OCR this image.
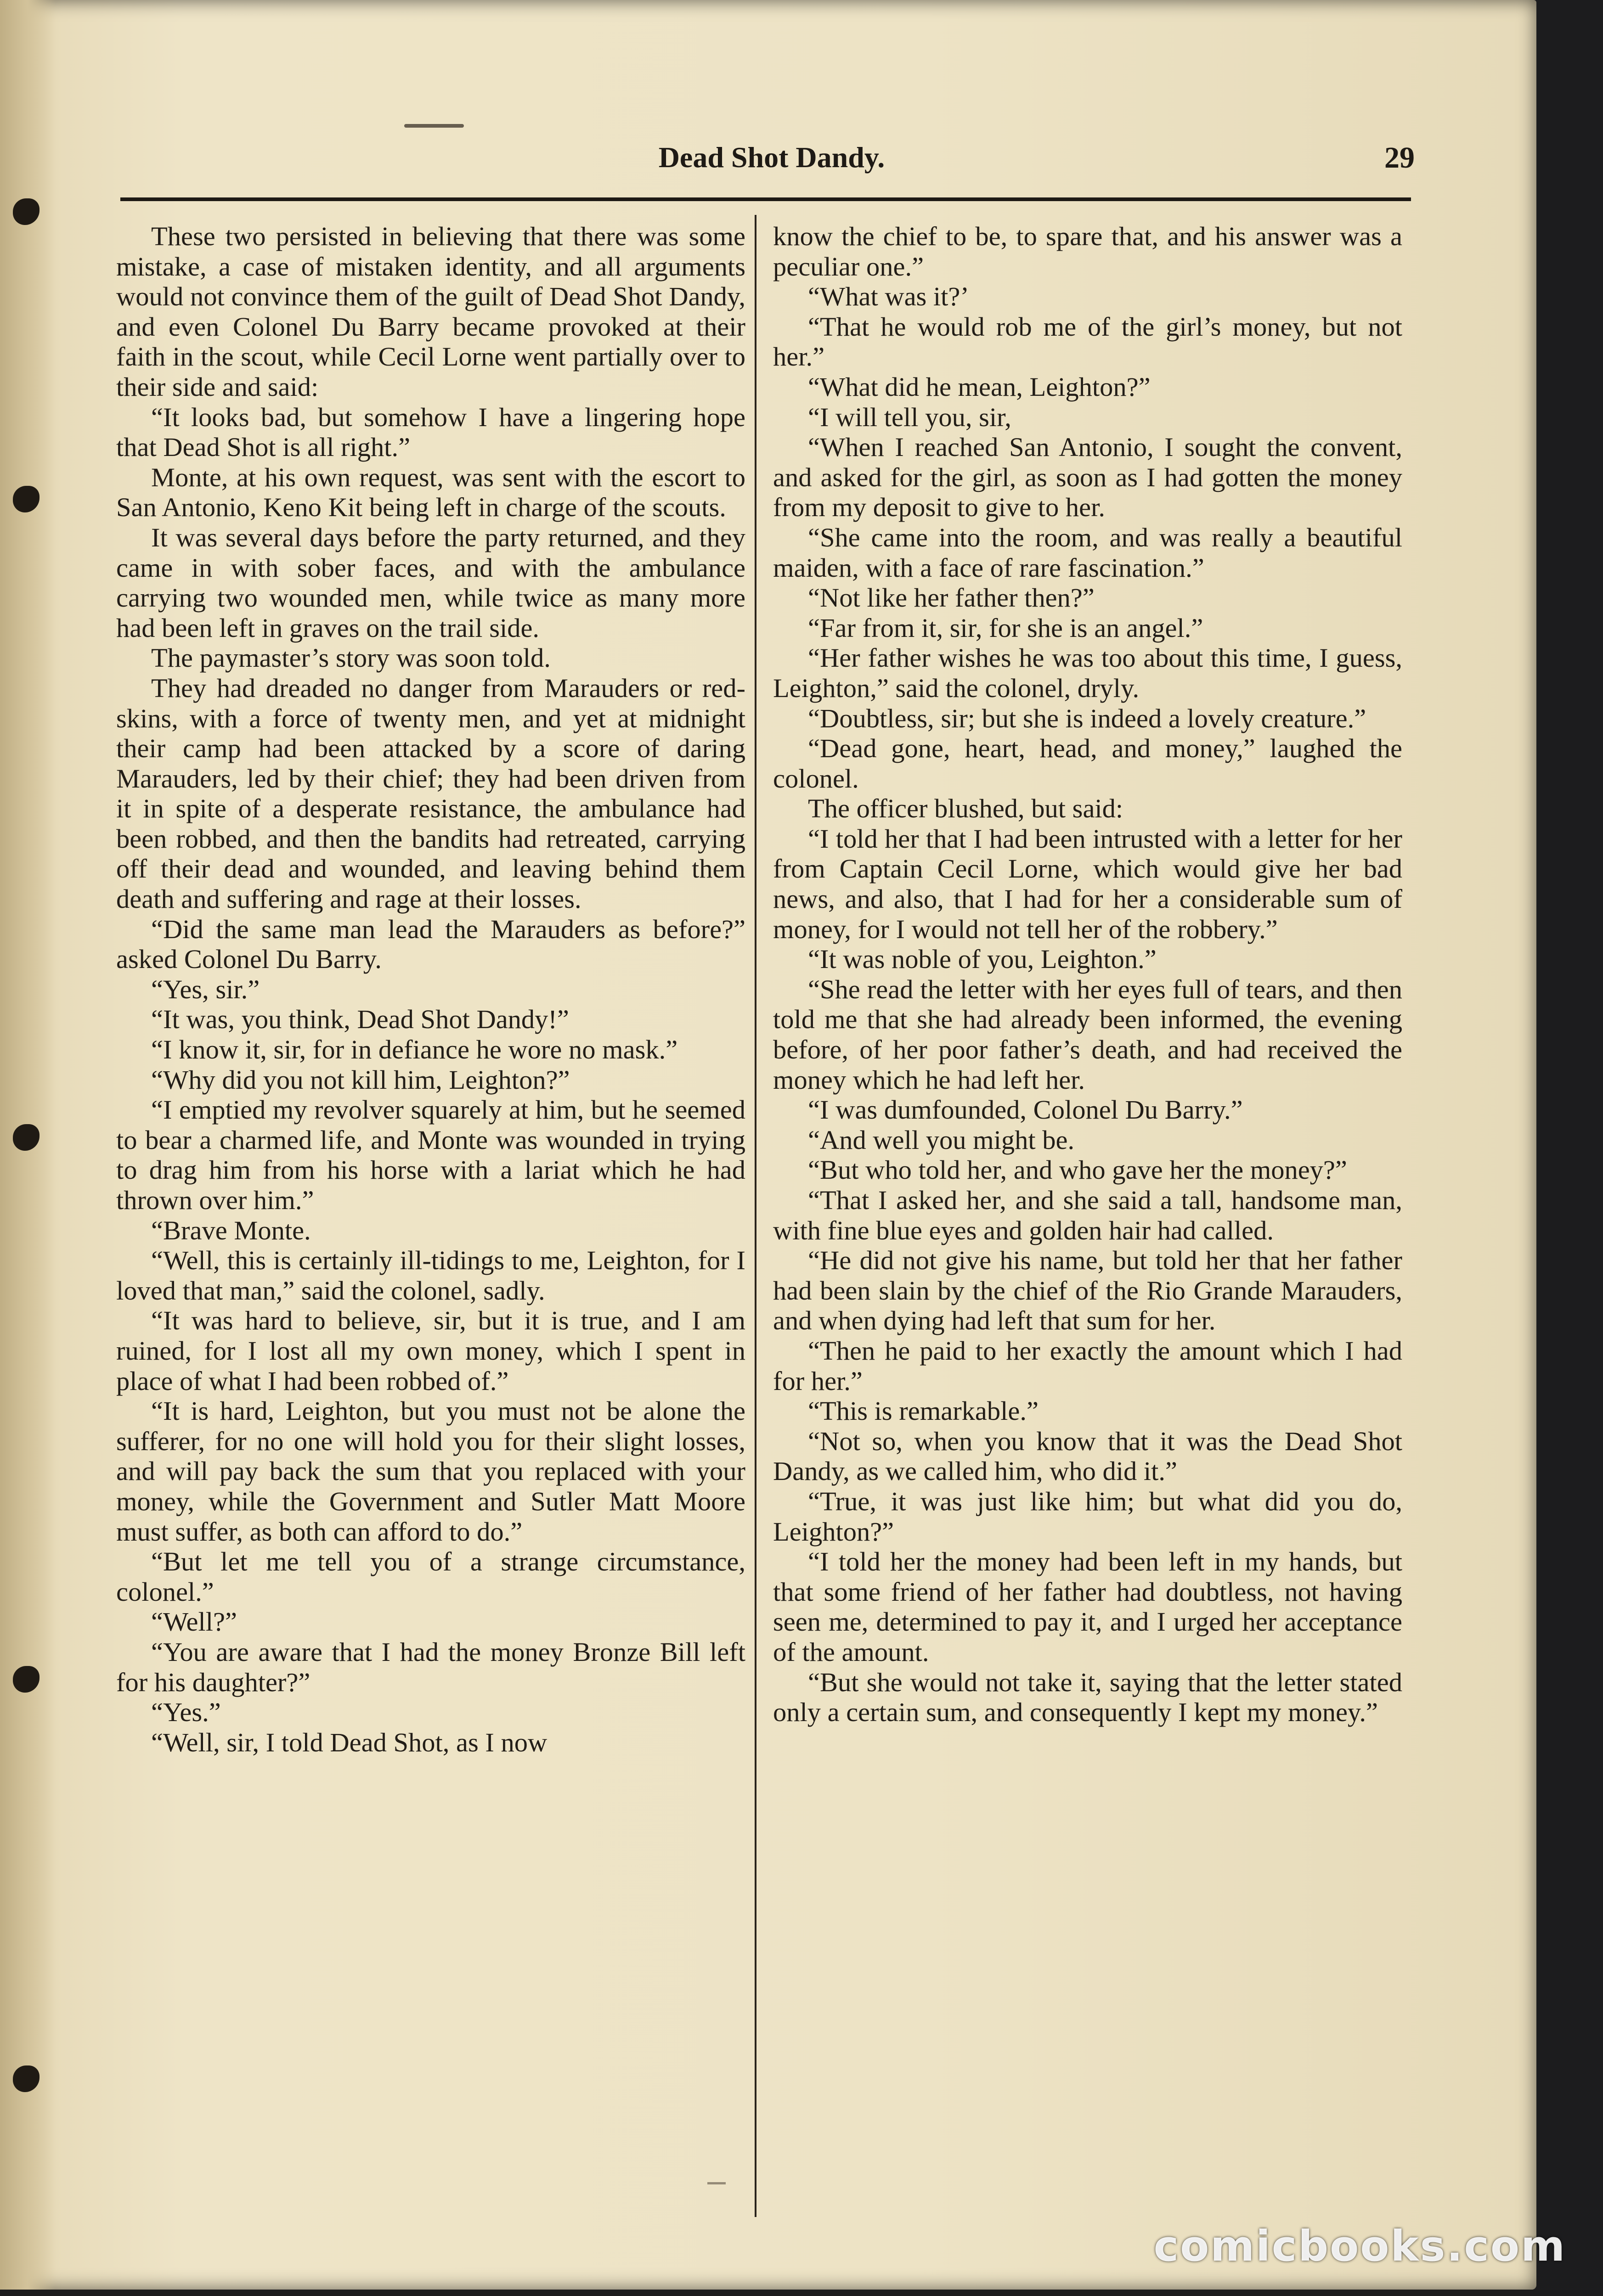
Dead Shot Dandy.	29

These two persisted in believing that there was some mistake, a case of mistaken identity, and all arguments would not convince them of the guilt of Dead Shot Dandy, and even Colonel Du Barry became provoked at their faith in the scout, while Cecil Lorne went partially over to their side and said:

“It looks bad, but somehow I have a lingering hope that Dead Shot is all right.”

Monte, at his own request, was sent with the escort to San Antonio, Keno Kit being left in charge of the scouts.

It was several days before the party returned, and they came in with sober faces, and with the ambulance carrying two wounded men, while twice as many more had been left in graves on the trail side.

The paymaster’s story was soon told.

They had dreaded no danger from Marauders or red-skins, with a force of twenty men, and yet at midnight their camp had been attacked by a score of daring Marauders, led by their chief; they had been driven from it in spite of a desperate resistance, the ambulance had been robbed, and then the bandits had retreated, carrying off their dead and wounded, and leaving behind them death and suffering and rage at their losses.

“Did the same man lead the Marauders as before?” asked Colonel Du Barry.

“Yes, sir.”

“It was, you think, Dead Shot Dandy!”

“I know it, sir, for in defiance he wore no mask.”

“Why did you not kill him, Leighton?”

“I emptied my revolver squarely at him, but he seemed to bear a charmed life, and Monte was wounded in trying to drag him from his horse with a lariat which he had thrown over him.”

“Brave Monte.

“Well, this is certainly ill-tidings to me, Leighton, for I loved that man,” said the colonel, sadly.

“It was hard to believe, sir, but it is true, and I am ruined, for I lost all my own money, which I spent in place of what I had been robbed of.”

“It is hard, Leighton, but you must not be alone the sufferer, for no one will hold you for their slight losses, and will pay back the sum that you replaced with your money, while the Government and Sutler Matt Moore must suffer, as both can afford to do.”

“But let me tell you of a strange circumstance, colonel.”

“Well?”

“You are aware that I had the money Bronze Bill left for his daughter?”

“Yes.”

“Well, sir, I told Dead Shot, as I now

know the chief to be, to spare that, and his answer was a peculiar one.”

“What was it?’

“That he would rob me of the girl’s money, but not her.”

“What did he mean, Leighton?”

“I will tell you, sir,

“When I reached San Antonio, I sought the convent, and asked for the girl, as soon as I had gotten the money from my deposit to give to her.

“She came into the room, and was really a beautiful maiden, with a face of rare fascination.”

“Not like her father then?”

“Far from it, sir, for she is an angel.”

“Her father wishes he was too about this time, I guess, Leighton,” said the colonel, dryly.

“Doubtless, sir; but she is indeed a lovely creature.”

“Dead gone, heart, head, and money,” laughed the colonel.

The officer blushed, but said:

“I told her that I had been intrusted with a letter for her from Captain Cecil Lorne, which would give her bad news, and also, that I had for her a considerable sum of money, for I would not tell her of the robbery.”

“It was noble of you, Leighton.”

“She read the letter with her eyes full of tears, and then told me that she had already been informed, the evening before, of her poor father’s death, and had received the money which he had left her.

“I was dumfounded, Colonel Du Barry.”

“And well you might be.

“But who told her, and who gave her the money?”

“That I asked her, and she said a tall, handsome man, with fine blue eyes and golden hair had called.

“He did not give his name, but told her that her father had been slain by the chief of the Rio Grande Marauders, and when dying had left that sum for her.

“Then he paid to her exactly the amount which I had for her.”

“This is remarkable.”

“Not so, when you know that it was the Dead Shot Dandy, as we called him, who did it.”

“True, it was just like him; but what did you do, Leighton?”

“I told her the money had been left in my hands, but that some friend of her father had doubtless, not having seen me, determined to pay it, and I urged her acceptance of the amount.

“But she would not take it, saying that the letter stated only a certain sum, and consequently I kept my money.”

comicbooks.com
